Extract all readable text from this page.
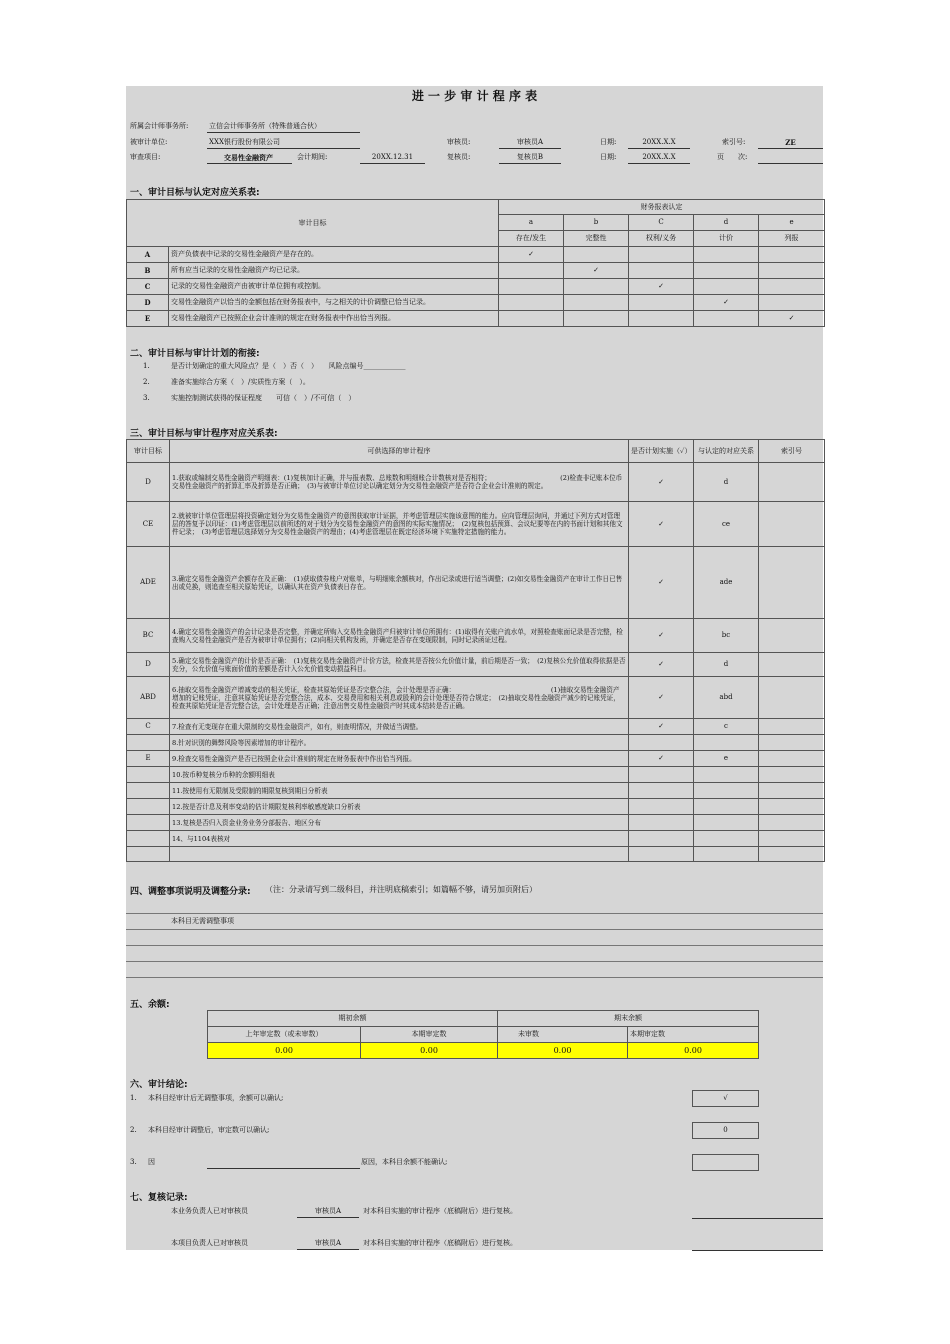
进 一 步 审 计 程 序 表
所属会计师事务所:	立信会计师事务所（特殊普通合伙）
被审计单位:	XXX银行股份有限公司	审核员:	审核员A	日期:	20XX.X.X	索引号:	ZE
审查项目:	交易性金融资产	会计期间:	20XX.12.31	复核员:	复核员B	日期:	20XX.X.X	页　　次:
一、审计目标与认定对应关系表:
审计目标		财务报表认定				
		a	b	C	d	e
		存在/发生	完整性	权利/义务	计价	列报
A	资产负债表中记录的交易性金融资产是存在的。	✓				
B	所有应当记录的交易性金融资产均已记录。		✓			
C	记录的交易性金融资产由被审计单位拥有或控制。			✓		
D	交易性金融资产以恰当的金额包括在财务报表中，与之相关的计价调整已恰当记录。				✓	
E	交易性金融资产已按照企业会计准则的规定在财务报表中作出恰当列报。					✓
二、审计目标与审计计划的衔接:
1.	是否计划确定的重大风险点？是（　）否（　）　　风险点编号____________
2.	准备实施综合方案（　）/实质性方案（　）。
3.	实施控制测试获得的保证程度　　可信（　）/不可信（　）
三、审计目标与审计程序对应关系表:
审计目标	可供选择的审计程序	是否计划实施（✓）	与认定的对应关系	索引号
D	1.获取或编制交易性金融资产明细表：(1)复核加计正确，并与报表数、总账数和明细账合计数核对是否相符；　　　　　　　　　　　(2)检查非记账本位币交易性金融资产的折算汇率及折算是否正确；　(3)与被审计单位讨论以确定划分为交易性金融资产是否符合企业会计准则的规定。	✓	d	
CE	2.就被审计单位管理层将投资确定划分为交易性金融资产的意图获取审计证据，并考虑管理层实施该意图的能力。应向管理层询问，并通过下列方式对管理层的答复予以印证：(1)考虑管理层以前所述的对于划分为交易性金融资产的意图的实际实施情况；　(2)复核包括预算、会议纪要等在内的书面计划和其他文件记录；　(3)考虑管理层选择划分为交易性金融资产的理由；(4)考虑管理层在既定经济环境下实施特定措施的能力。	✓	ce	
ADE	3.确定交易性金融资产余额存在及正确：　(1)获取债券账户对账单，与明细账余额核对，作出记录或进行适当调整；(2)如交易性金融资产在审计工作日已售出或兑换，则追查至相关原始凭证，以确认其在资产负债表日存在。	✓	ade	
BC	4.确定交易性金融资产的会计记录是否完整，并确定所购入交易性金融资产归被审计单位所拥有：(1)取得有关账户流水单，对照检查账面记录是否完整，检查购入交易性金融资产是否为被审计单位拥有；(2)向相关机构发函，并确定是否存在变现限制，同时记录函证过程。	✓	bc	
D	5.确定交易性金融资产的计价是否正确：　(1)复核交易性金融资产计价方法，检查其是否按公允价值计量，前后期是否一致；　(2)复核公允价值取得依据是否充分，公允价值与账面价值的差额是否计入公允价值变动损益科目。	✓	d	
ABD	6.抽取交易性金融资产增减变动的相关凭证，检查其原始凭证是否完整合法，会计处理是否正确：　　　　　　　　　　　　　　　(1)抽取交易性金融资产增加的记账凭证，注意其原始凭证是否完整合法，成本、交易费用和相关利息或股利的会计处理是否符合规定；　(2)抽取交易性金融资产减少的记账凭证，检查其原始凭证是否完整合法，会计处理是否正确；注意出售交易性金融资产时其成本结转是否正确。	✓	abd	
C	7.检查有无变现存在重大限制的交易性金融资产，如有，则查明情况，并做适当调整。	✓	c	
	8.针对识别的舞弊风险等因素增加的审计程序。			
E	9.检查交易性金融资产是否已按照企业会计准则的规定在财务报表中作出恰当列报。	✓	e	
	10.按币种复核分币种的余额明细表			
	11.按使用有无限制及受限制的期限复核到期日分析表			
	12.按是否计息及利率变动的估计期限复核利率敏感度缺口分析表			
	13.复核是否归入资金业务业务分部报告、地区分布			
	14、与1104表核对			

四、调整事项说明及调整分录: （注：分录请写到二级科目，并注明底稿索引；如篇幅不够，请另加页附后）
本科目无需调整事项
五、余额:
期初余额		期末余额	
上年审定数（或未审数）	本期审定数	未审数	本期审定数
0.00	0.00	0.00	0.00
六、审计结论:
1. 本科目经审计后无调整事项，余额可以确认;	√
2. 本科目经审计调整后，审定数可以确认;	0
3. 因	原因，本科目余额不能确认;
七、复核记录:
本业务负责人已对审核员	审核员A	对本科目实施的审计程序（底稿附后）进行复核。
本项目负责人已对审核员	审核员A	对本科目实施的审计程序（底稿附后）进行复核。
